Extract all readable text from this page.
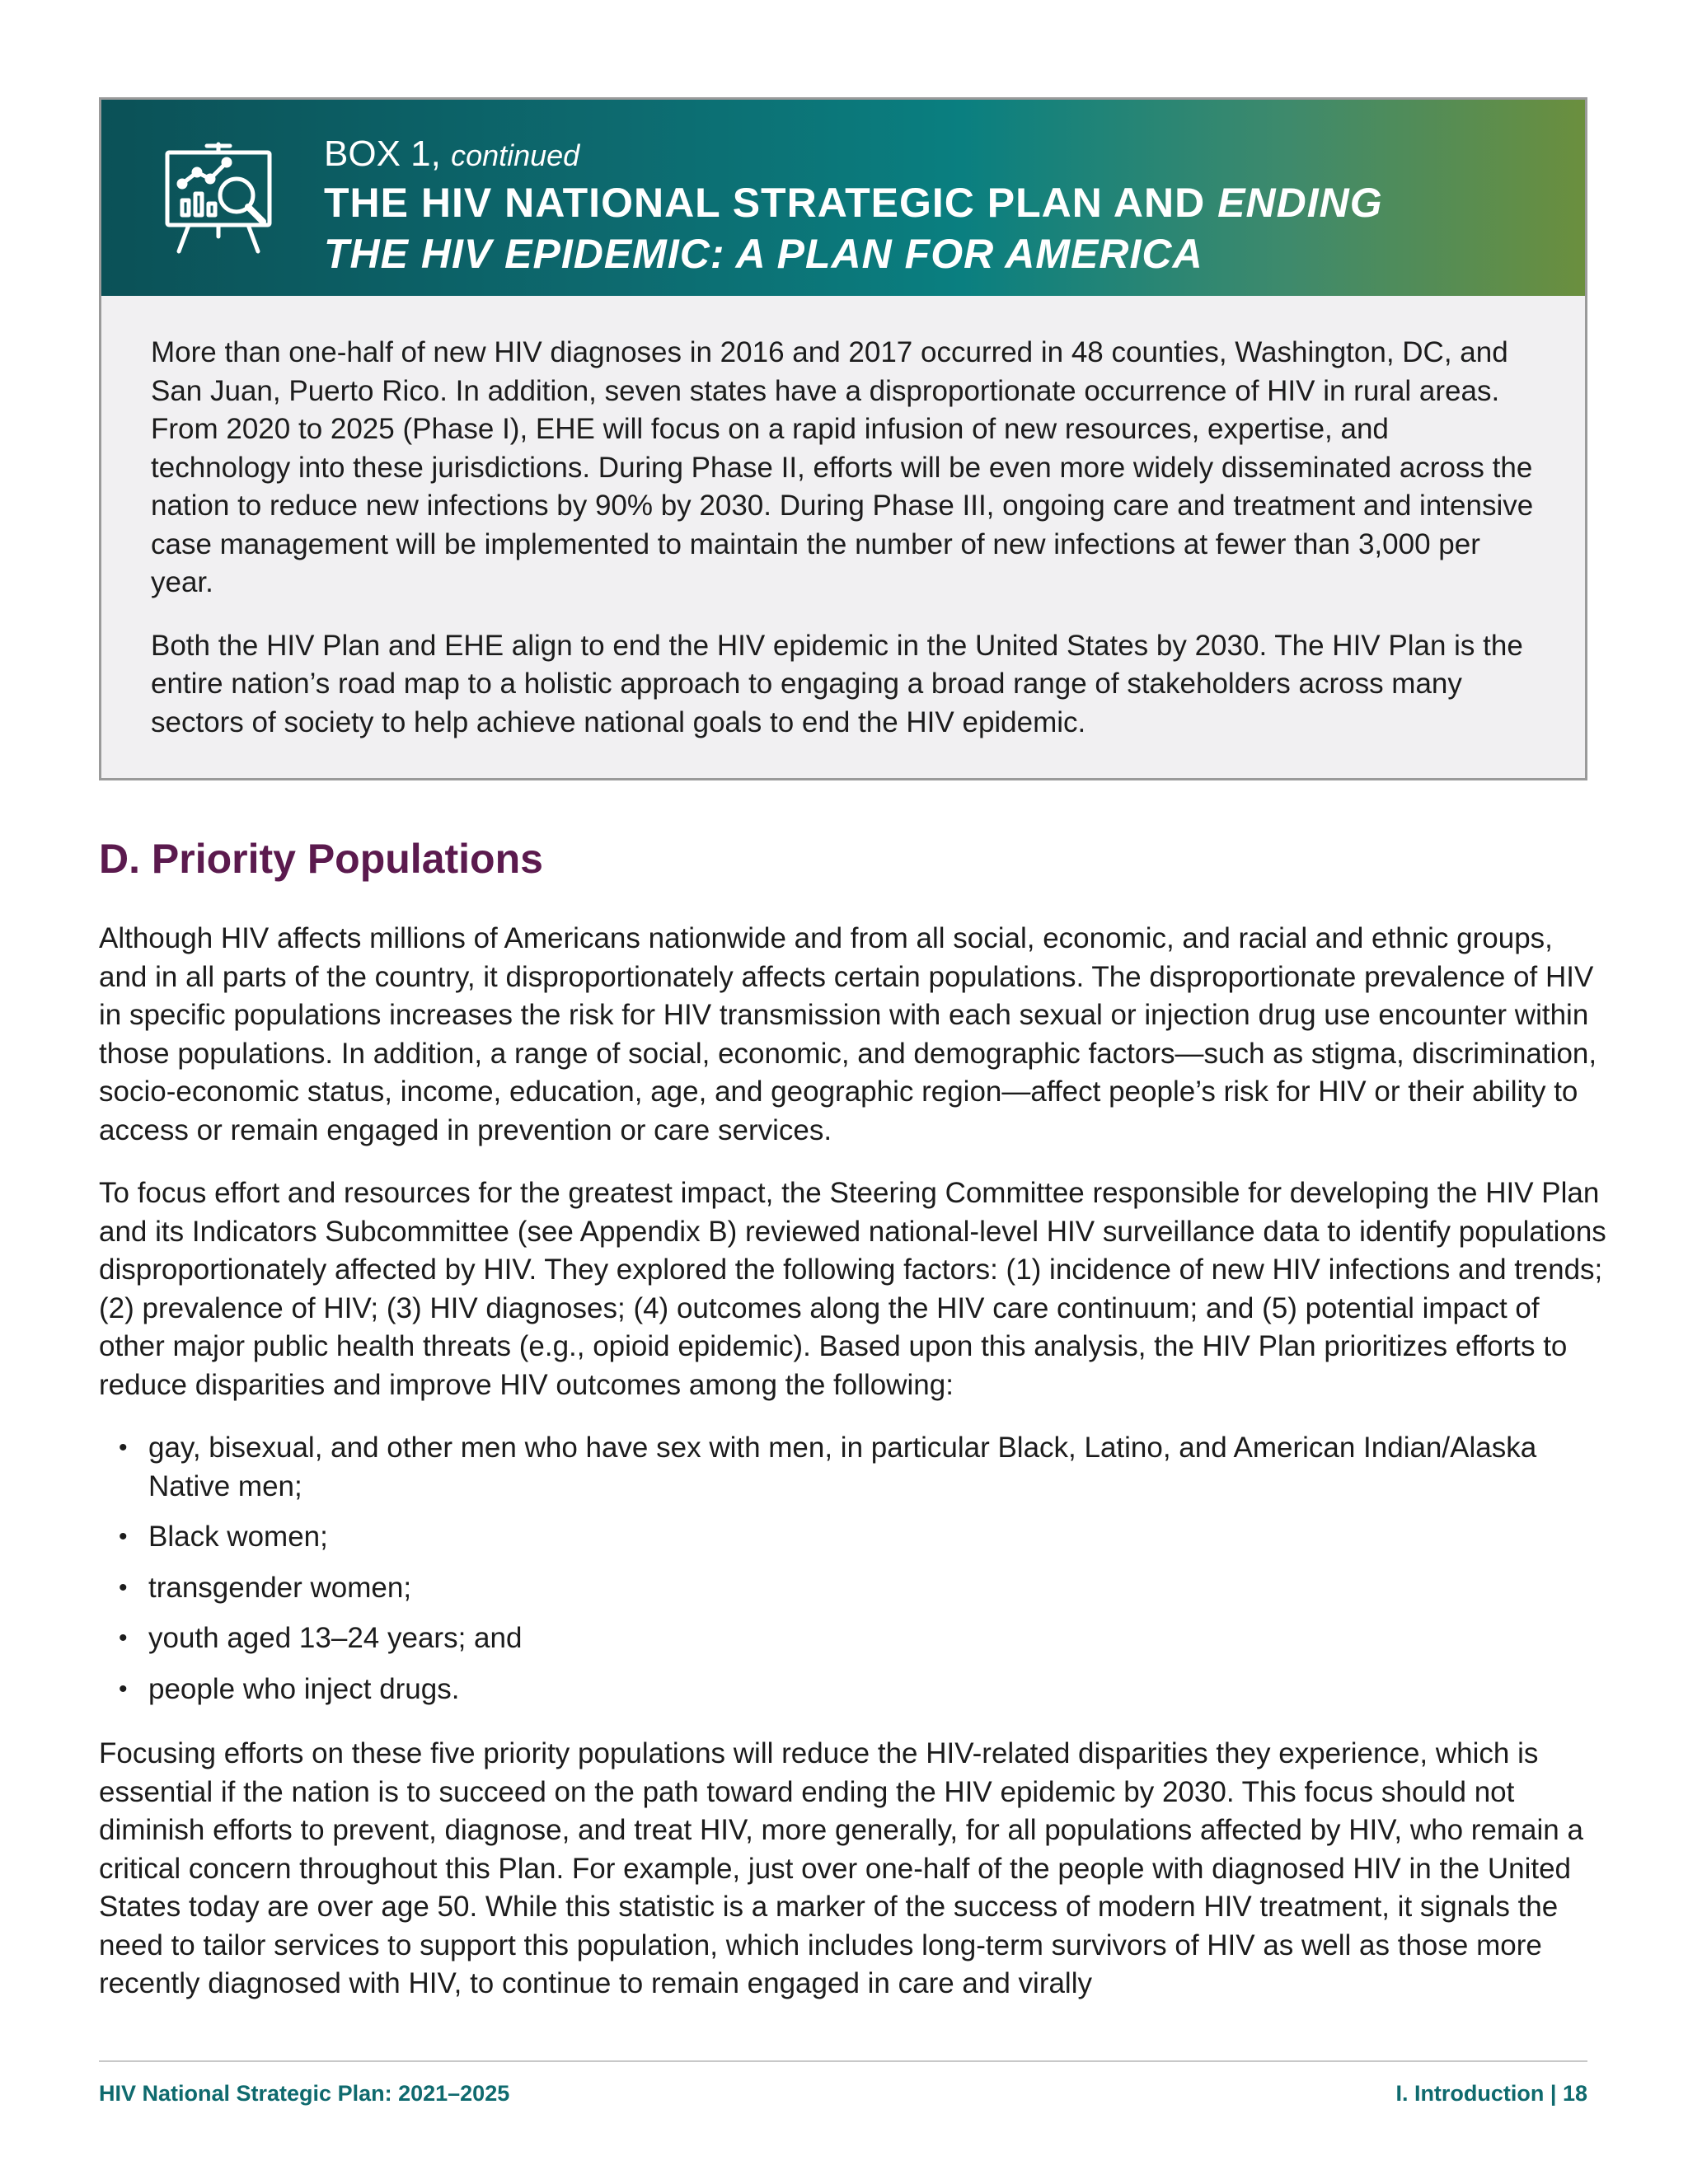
BOX 1, continued
THE HIV NATIONAL STRATEGIC PLAN AND ENDING
THE HIV EPIDEMIC: A PLAN FOR AMERICA

More than one-half of new HIV diagnoses in 2016 and 2017 occurred in 48 counties, Washington, DC, and San Juan, Puerto Rico. In addition, seven states have a disproportionate occurrence of HIV in rural areas. From 2020 to 2025 (Phase I), EHE will focus on a rapid infusion of new resources, expertise, and technology into these jurisdictions. During Phase II, efforts will be even more widely disseminated across the nation to reduce new infections by 90% by 2030. During Phase III, ongoing care and treatment and intensive case management will be implemented to maintain the number of new infections at fewer than 3,000 per year.

Both the HIV Plan and EHE align to end the HIV epidemic in the United States by 2030. The HIV Plan is the entire nation’s road map to a holistic approach to engaging a broad range of stakeholders across many sectors of society to help achieve national goals to end the HIV epidemic.

D. Priority Populations

Although HIV affects millions of Americans nationwide and from all social, economic, and racial and ethnic groups, and in all parts of the country, it disproportionately affects certain populations. The disproportionate prevalence of HIV in specific populations increases the risk for HIV transmission with each sexual or injection drug use encounter within those populations. In addition, a range of social, economic, and demographic factors—such as stigma, discrimination, socio-economic status, income, education, age, and geographic region—affect people’s risk for HIV or their ability to access or remain engaged in prevention or care services.

To focus effort and resources for the greatest impact, the Steering Committee responsible for developing the HIV Plan and its Indicators Subcommittee (see Appendix B) reviewed national-level HIV surveillance data to identify populations disproportionately affected by HIV. They explored the following factors: (1) incidence of new HIV infections and trends; (2) prevalence of HIV; (3) HIV diagnoses; (4) outcomes along the HIV care continuum; and (5) potential impact of other major public health threats (e.g., opioid epidemic). Based upon this analysis, the HIV Plan prioritizes efforts to reduce disparities and improve HIV outcomes among the following:

• gay, bisexual, and other men who have sex with men, in particular Black, Latino, and American Indian/Alaska Native men;
• Black women;
• transgender women;
• youth aged 13–24 years; and
• people who inject drugs.

Focusing efforts on these five priority populations will reduce the HIV-related disparities they experience, which is essential if the nation is to succeed on the path toward ending the HIV epidemic by 2030. This focus should not diminish efforts to prevent, diagnose, and treat HIV, more generally, for all populations affected by HIV, who remain a critical concern throughout this Plan. For example, just over one-half of the people with diagnosed HIV in the United States today are over age 50. While this statistic is a marker of the success of modern HIV treatment, it signals the need to tailor services to support this population, which includes long-term survivors of HIV as well as those more recently diagnosed with HIV, to continue to remain engaged in care and virally

HIV National Strategic Plan: 2021–2025	I. Introduction | 18
